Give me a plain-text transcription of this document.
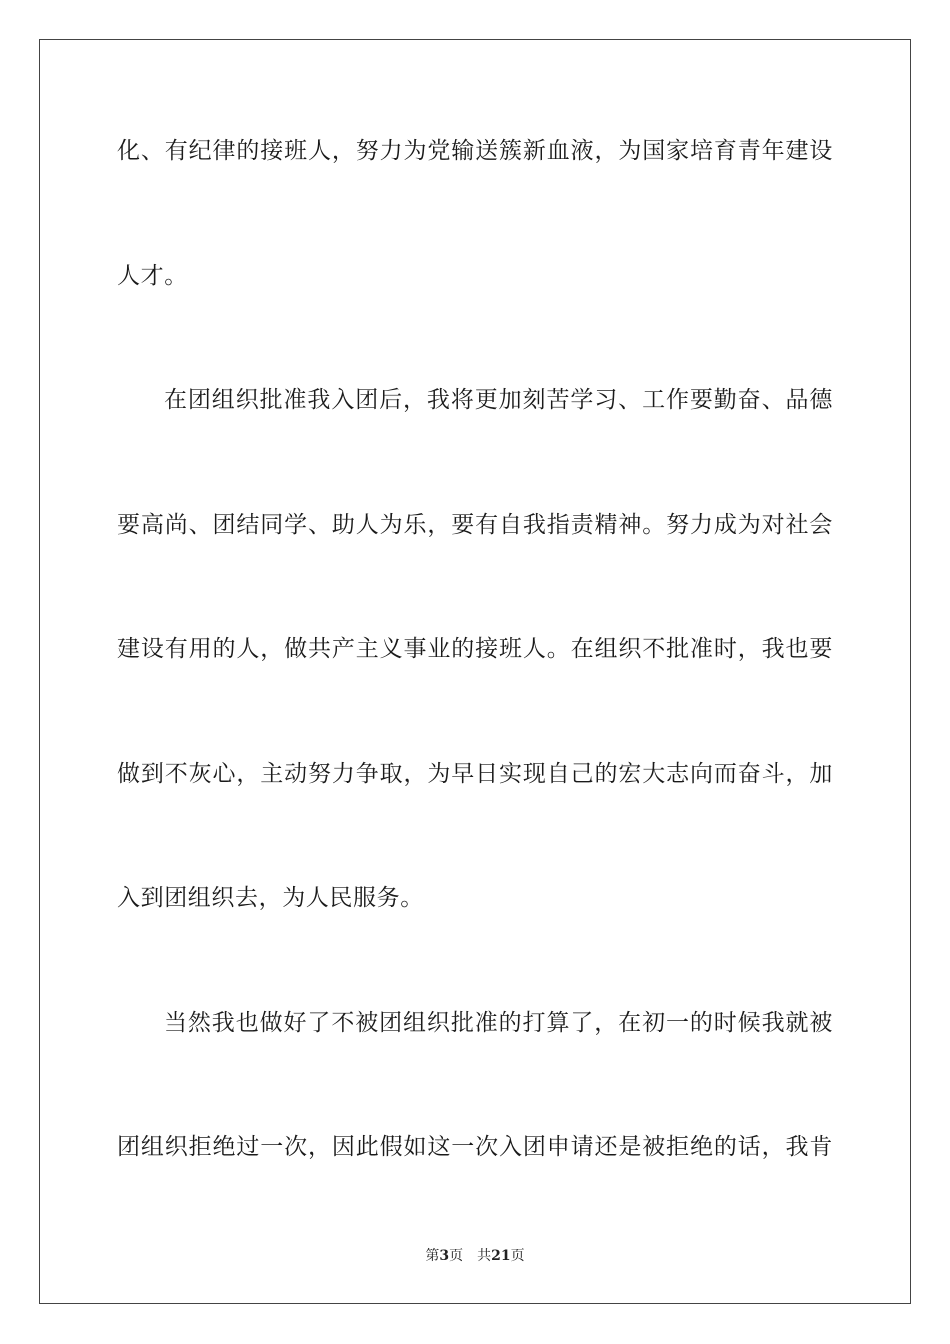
化、有纪律的接班人，努力为党输送簇新血液，为国家培育青年建设
人才。
在团组织批准我入团后，我将更加刻苦学习、工作要勤奋、品德
要高尚、团结同学、助人为乐，要有自我指责精神。努力成为对社会
建设有用的人，做共产主义事业的接班人。在组织不批准时，我也要
做到不灰心，主动努力争取，为早日实现自己的宏大志向而奋斗，加
入到团组织去，为人民服务。
当然我也做好了不被团组织批准的打算了，在初一的时候我就被
团组织拒绝过一次，因此假如这一次入团申请还是被拒绝的话，我肯
第3页 共21页
